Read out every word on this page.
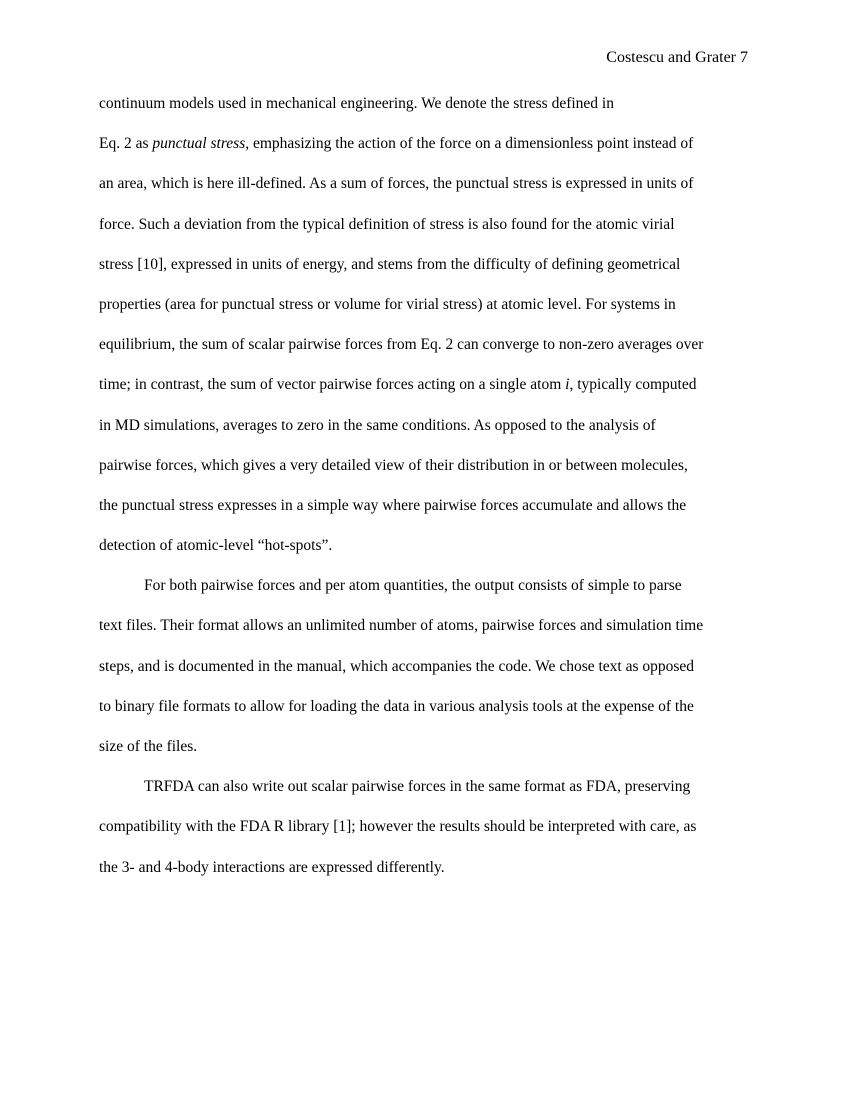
Costescu and Grater 7
continuum models used in mechanical engineering. We denote the stress defined in
Eq. 2 as punctual stress, emphasizing the action of the force on a dimensionless point instead of
an area, which is here ill-defined. As a sum of forces, the punctual stress is expressed in units of
force. Such a deviation from the typical definition of stress is also found for the atomic virial
stress [10], expressed in units of energy, and stems from the difficulty of defining geometrical
properties (area for punctual stress or volume for virial stress) at atomic level. For systems in
equilibrium, the sum of scalar pairwise forces from Eq. 2 can converge to non-zero averages over
time; in contrast, the sum of vector pairwise forces acting on a single atom i, typically computed
in MD simulations, averages to zero in the same conditions. As opposed to the analysis of
pairwise forces, which gives a very detailed view of their distribution in or between molecules,
the punctual stress expresses in a simple way where pairwise forces accumulate and allows the
detection of atomic-level “hot-spots”.
For both pairwise forces and per atom quantities, the output consists of simple to parse
text files. Their format allows an unlimited number of atoms, pairwise forces and simulation time
steps, and is documented in the manual, which accompanies the code. We chose text as opposed
to binary file formats to allow for loading the data in various analysis tools at the expense of the
size of the files.
TRFDA can also write out scalar pairwise forces in the same format as FDA, preserving
compatibility with the FDA R library [1]; however the results should be interpreted with care, as
the 3- and 4-body interactions are expressed differently.
